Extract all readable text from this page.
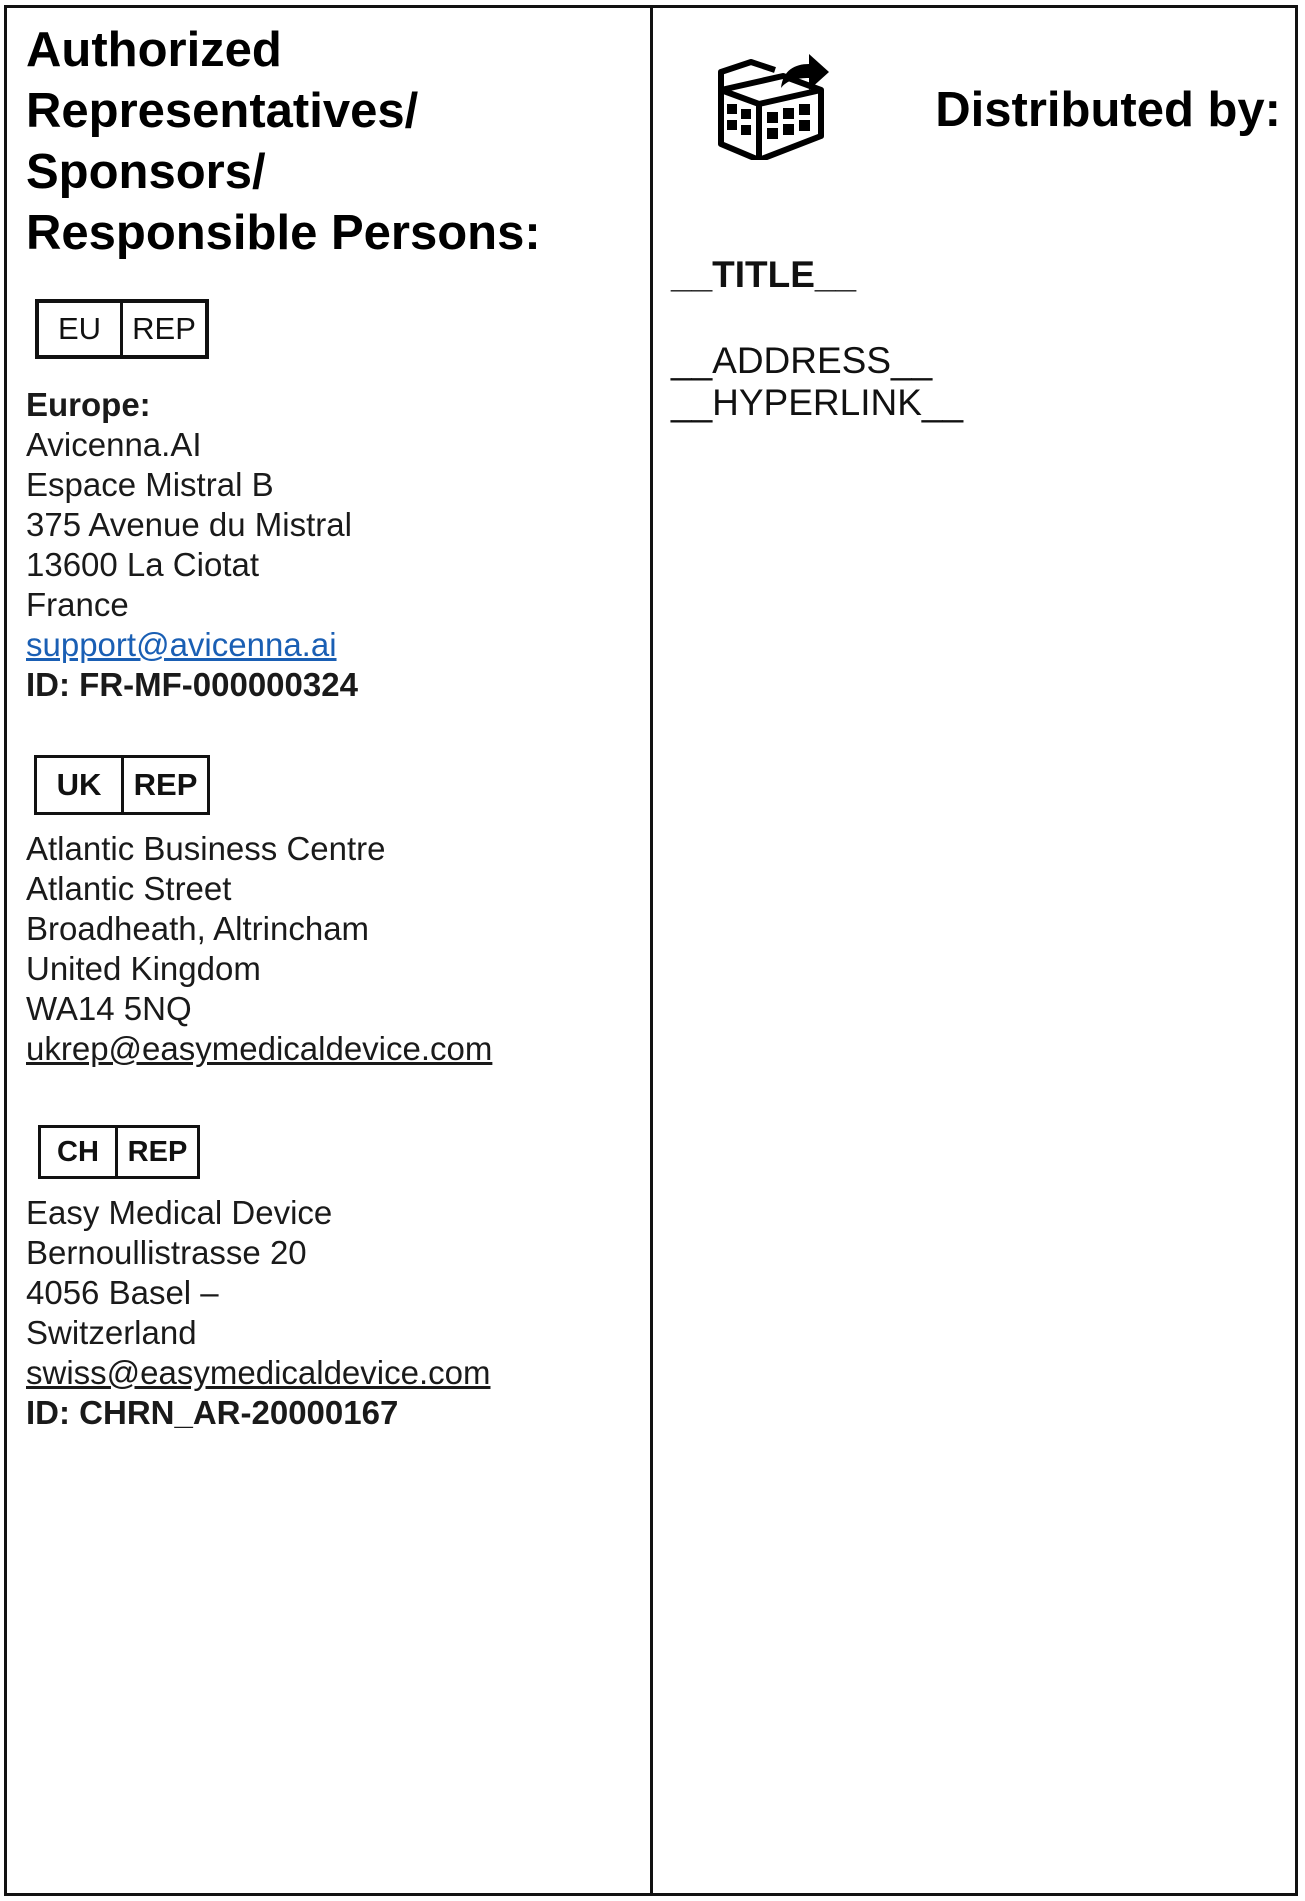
Authorized

Representatives/

Sponsors/

Responsible Persons:

EU	REP

Europe:

Avicenna.AI

Espace Mistral B

375 Avenue du Mistral

13600 La Ciotat

France

support@avicenna.ai

ID: FR-MF-000000324

UK	REP

Atlantic Business Centre

Atlantic Street

Broadheath, Altrincham

United Kingdom

WA14 5NQ

ukrep@easymedicaldevice.com

CH REP

Easy Medical Device

Bernoullistrasse 20

4056 Basel –

Switzerland

swiss@easymedicaldevice.com

ID: CHRN_AR-20000167

Distributed by:
__TITLE__
__ADDRESS__
__HYPERLINK__
